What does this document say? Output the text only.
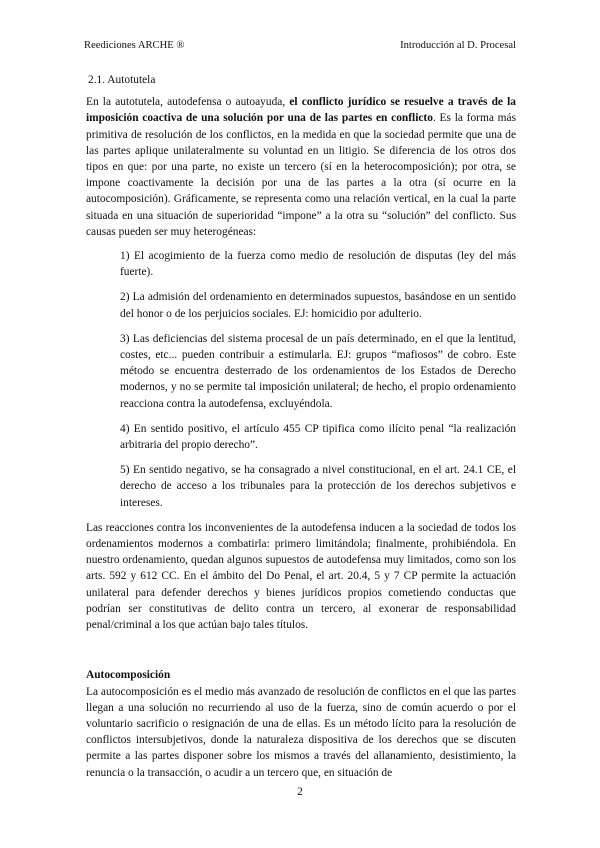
Reediciones ARCHE ®	Introducción al D. Procesal
2.1. Autotutela

En la autotutela, autodefensa o autoayuda, el conflicto jurídico se resuelve a través de la imposición coactiva de una solución por una de las partes en conflicto. Es la forma más primitiva de resolución de los conflictos, en la medida en que la sociedad permite que una de las partes aplique unilateralmente su voluntad en un litigio. Se diferencia de los otros dos tipos en que: por una parte, no existe un tercero (sí en la heterocomposición); por otra, se impone coactivamente la decisión por una de las partes a la otra (sí ocurre en la autocomposición). Gráficamente, se representa como una relación vertical, en la cual la parte situada en una situación de superioridad “impone” a la otra su “solución” del conflicto. Sus causas pueden ser muy heterogéneas:

1) El acogimiento de la fuerza como medio de resolución de disputas (ley del más fuerte).
2) La admisión del ordenamiento en determinados supuestos, basándose en un sentido del honor o de los perjuicios sociales. EJ: homicidio por adulterio.
3) Las deficiencias del sistema procesal de un país determinado, en el que la lentitud, costes, etc... pueden contribuir a estimularla. EJ: grupos “mafiosos” de cobro. Este método se encuentra desterrado de los ordenamientos de los Estados de Derecho modernos, y no se permite tal imposición unilateral; de hecho, el propio ordenamiento reacciona contra la autodefensa, excluyéndola.
4) En sentido positivo, el artículo 455 CP tipifica como ilícito penal “la realización arbitraria del propio derecho”.
5) En sentido negativo, se ha consagrado a nivel constitucional, en el art. 24.1 CE, el derecho de acceso a los tribunales para la protección de los derechos subjetivos e intereses.

Las reacciones contra los inconvenientes de la autodefensa inducen a la sociedad de todos los ordenamientos modernos a combatirla: primero limitándola; finalmente, prohibiéndola. En nuestro ordenamiento, quedan algunos supuestos de autodefensa muy limitados, como son los arts. 592 y 612 CC. En el ámbito del Do Penal, el art. 20.4, 5 y 7 CP permite la actuación unilateral para defender derechos y bienes jurídicos propios cometiendo conductas que podrían ser constitutivas de delito contra un tercero, al exonerar de responsabilidad penal/criminal a los que actúan bajo tales títulos.

Autocomposición

La autocomposición es el medio más avanzado de resolución de conflictos en el que las partes llegan a una solución no recurriendo al uso de la fuerza, sino de común acuerdo o por el voluntario sacrificio o resignación de una de ellas. Es un método lícito para la resolución de conflictos intersubjetivos, donde la naturaleza dispositiva de los derechos que se discuten permite a las partes disponer sobre los mismos a través del allanamiento, desistimiento, la renuncia o la transacción, o acudir a un tercero que, en situación de

2
